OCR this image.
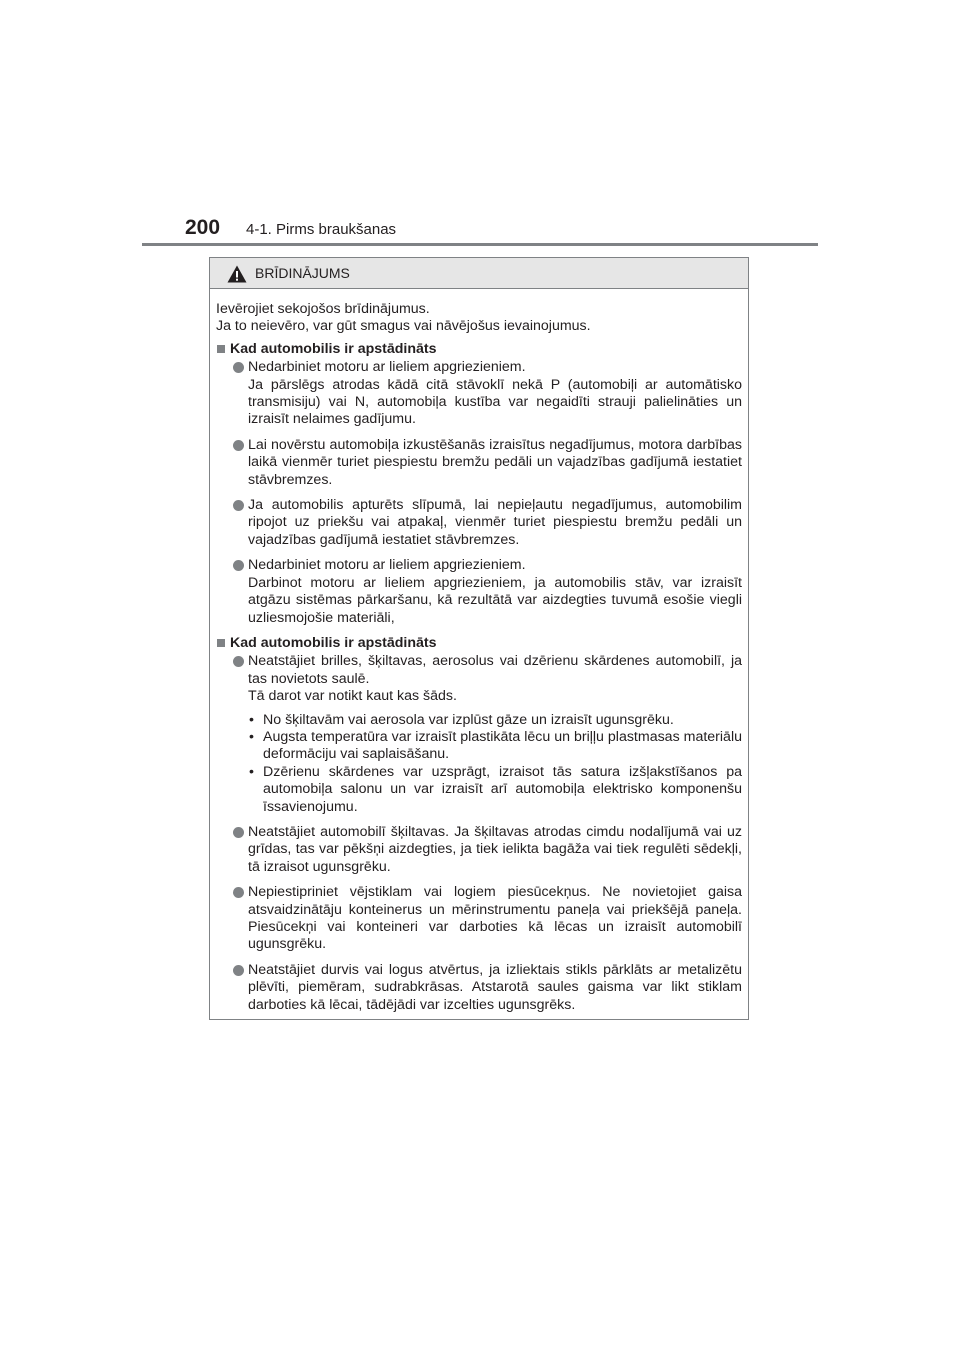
200 4-1. Pirms braukšanas
BRĪDINĀJUMS

Ievērojiet sekojošos brīdinājumus.

Ja to neievēro, var gūt smagus vai nāvējošus ievainojumus.

Kad automobilis ir apstādināts

Nedarbiniet motoru ar lieliem apgriezieniem.

Ja pārslēgs atrodas kādā citā stāvoklī nekā P (automobiļi ar automātisko transmisiju) vai N, automobiļa kustība var negaidīti strauji palielināties un izraisīt nelaimes gadījumu.

Lai novērstu automobiļa izkustēšanās izraisītus negadījumus, motora darbības laikā vienmēr turiet piespiestu bremžu pedāli un vajadzības gadījumā iestatiet stāvbremzes.

Ja automobilis apturēts slīpumā, lai nepieļautu negadījumus, automobilim ripojot uz priekšu vai atpakaļ, vienmēr turiet piespiestu bremžu pedāli un vajadzības gadījumā iestatiet stāvbremzes.

Nedarbiniet motoru ar lieliem apgriezieniem.

Darbinot motoru ar lieliem apgriezieniem, ja automobilis stāv, var izraisīt atgāzu sistēmas pārkaršanu, kā rezultātā var aizdegties tuvumā esošie viegli uzliesmojošie materiāli,

Kad automobilis ir apstādināts

Neatstājiet brilles, šķiltavas, aerosolus vai dzērienu skārdenes automobilī, ja tas novietots saulē.

Tā darot var notikt kaut kas šāds.

• No šķiltavām vai aerosola var izplūst gāze un izraisīt ugunsgrēku.
• Augsta temperatūra var izraisīt plastikāta lēcu un briļļu plastmasas materiālu deformāciju vai saplaisāšanu.
• Dzērienu skārdenes var uzsprāgt, izraisot tās satura izšļakstīšanos pa automobiļa salonu un var izraisīt arī automobiļa elektrisko komponenšu īssavienojumu.

Neatstājiet automobilī šķiltavas. Ja šķiltavas atrodas cimdu nodalījumā vai uz grīdas, tas var pēkšņi aizdegties, ja tiek ielikta bagāža vai tiek regulēti sēdekļi, tā izraisot ugunsgrēku.

Nepiestipriniet vējstiklam vai logiem piesūcekņus. Ne novietojiet gaisa atsvaidzinātāju konteinerus un mērinstrumentu paneļa vai priekšējā paneļa. Piesūcekņi vai konteineri var darboties kā lēcas un izraisīt automobilī ugunsgrēku.

Neatstājiet durvis vai logus atvērtus, ja izliektais stikls pārklāts ar metalizētu plēvīti, piemēram, sudrabkrāsas. Atstarotā saules gaisma var likt stiklam darboties kā lēcai, tādējādi var izcelties ugunsgrēks.
